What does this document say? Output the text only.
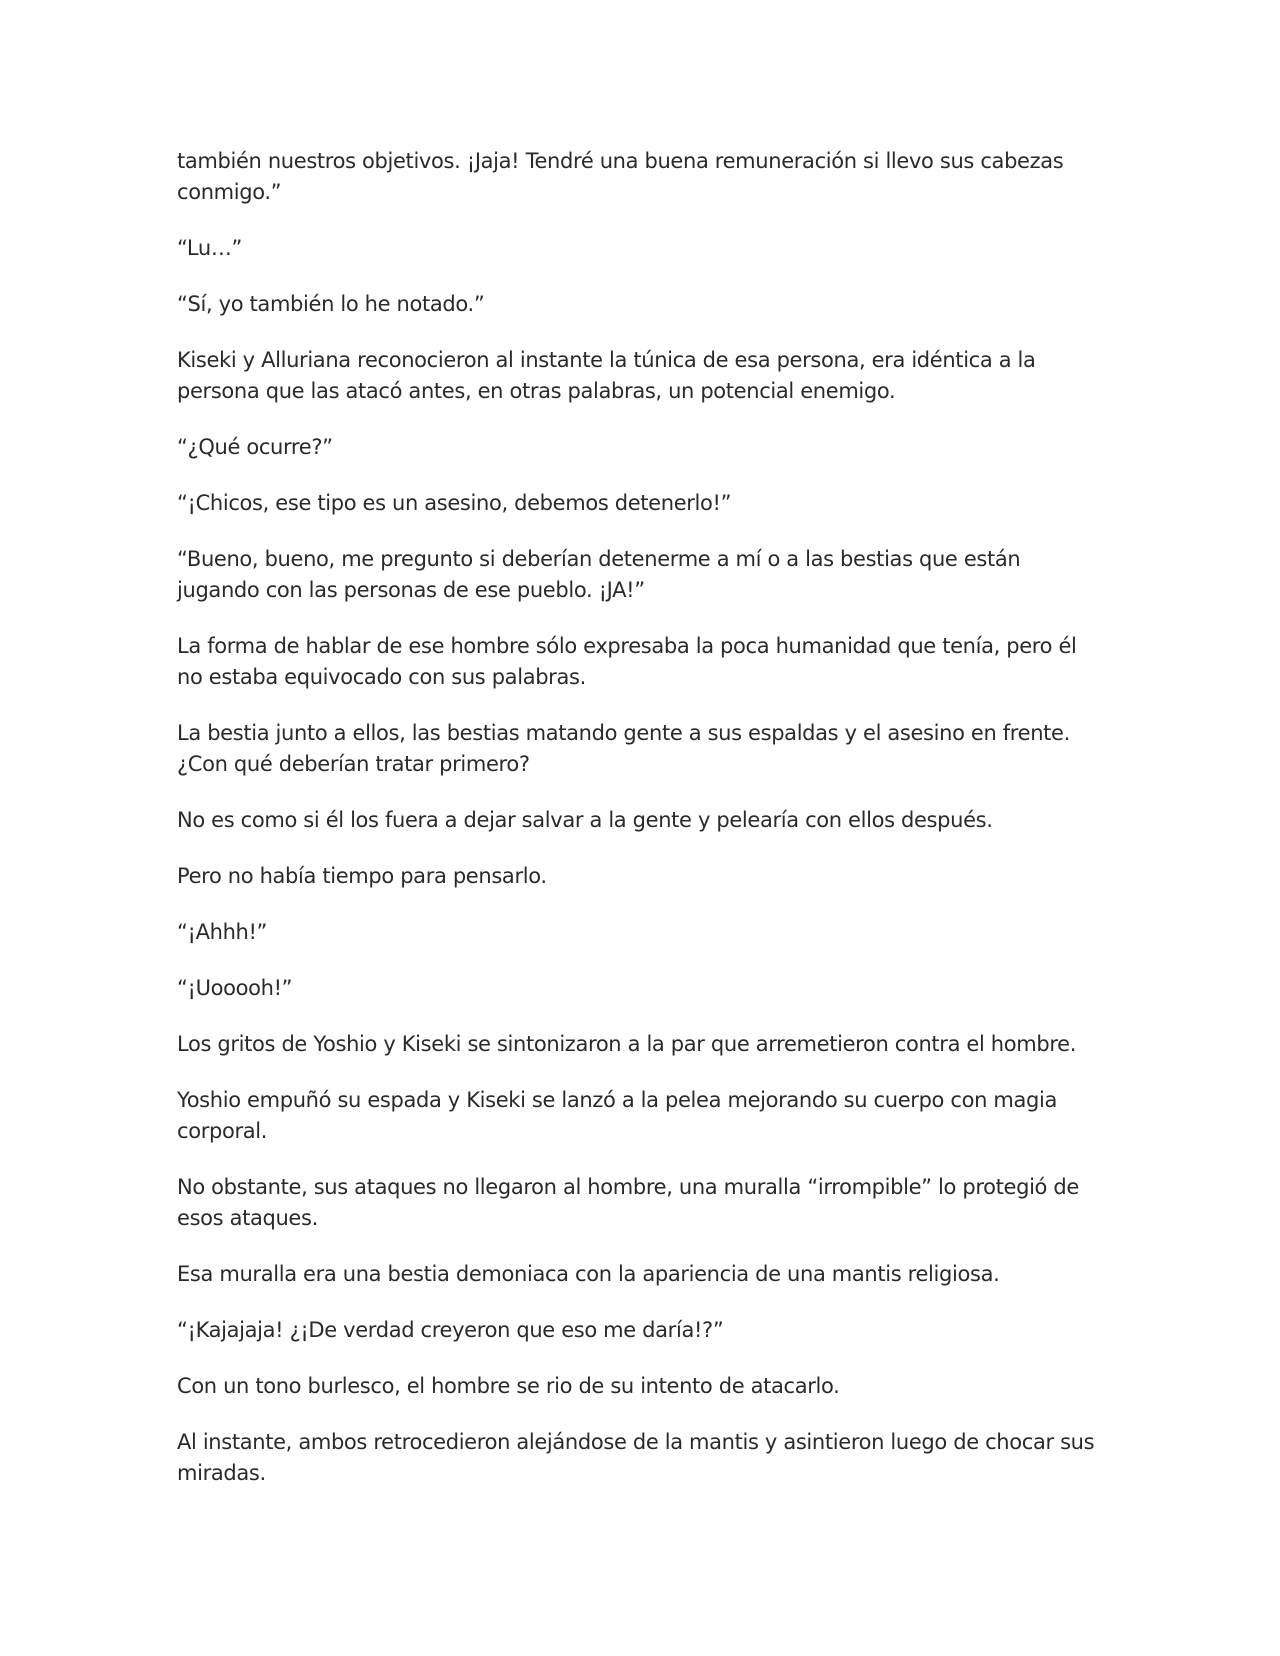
también nuestros objetivos. ¡Jaja! Tendré una buena remuneración si llevo sus cabezas conmigo.”

“Lu…”

“Sí, yo también lo he notado.”

Kiseki y Alluriana reconocieron al instante la túnica de esa persona, era idéntica a la persona que las atacó antes, en otras palabras, un potencial enemigo.

“¿Qué ocurre?”

“¡Chicos, ese tipo es un asesino, debemos detenerlo!”

“Bueno, bueno, me pregunto si deberían detenerme a mí o a las bestias que están jugando con las personas de ese pueblo. ¡JA!”

La forma de hablar de ese hombre sólo expresaba la poca humanidad que tenía, pero él no estaba equivocado con sus palabras.

La bestia junto a ellos, las bestias matando gente a sus espaldas y el asesino en frente. ¿Con qué deberían tratar primero?

No es como si él los fuera a dejar salvar a la gente y pelearía con ellos después.

Pero no había tiempo para pensarlo.

“¡Ahhh!”

“¡Uooooh!”

Los gritos de Yoshio y Kiseki se sintonizaron a la par que arremetieron contra el hombre.

Yoshio empuñó su espada y Kiseki se lanzó a la pelea mejorando su cuerpo con magia corporal.

No obstante, sus ataques no llegaron al hombre, una muralla “irrompible” lo protegió de esos ataques.

Esa muralla era una bestia demoniaca con la apariencia de una mantis religiosa.

“¡Kajajaja! ¿¡De verdad creyeron que eso me daría!?”

Con un tono burlesco, el hombre se rio de su intento de atacarlo.

Al instante, ambos retrocedieron alejándose de la mantis y asintieron luego de chocar sus miradas.
